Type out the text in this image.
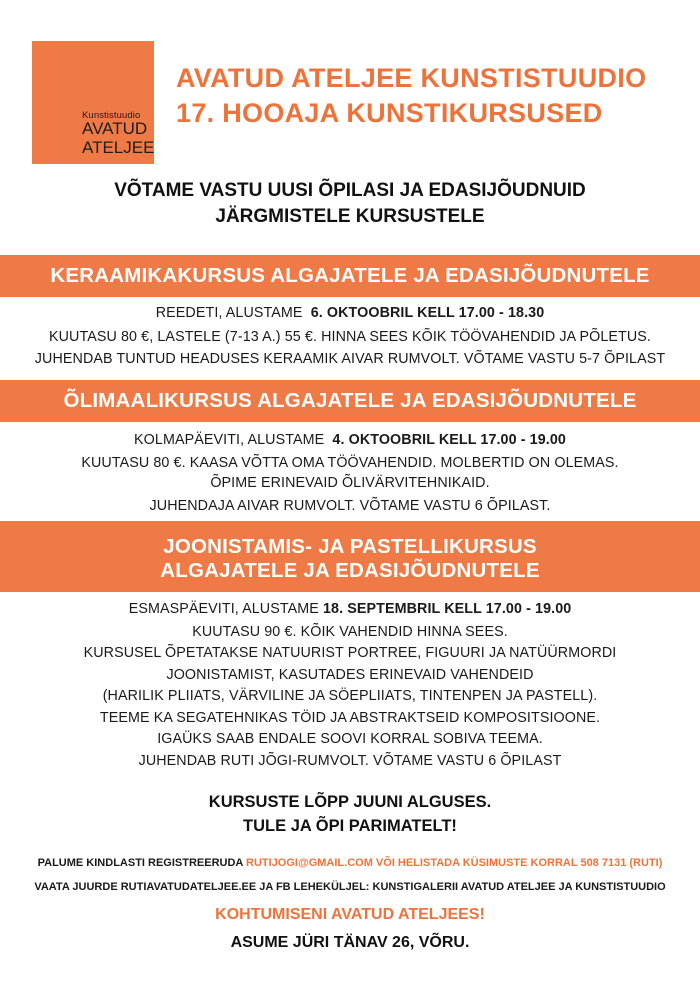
Kunstistuudio
AVATUD
ATELJEE
AVATUD ATELJEE KUNSTISTUUDIO
17. HOOAJA KUNSTIKURSUSED
VÕTAME VASTU UUSI ÕPILASI JA EDASIJÕUDNUID
JÄRGMISTELE KURSUSTELE
KERAAMIKAKURSUS ALGAJATELE JA EDASIJÕUDNUTELE
REEDETI, ALUSTAME 6. OKTOOBRIL KELL 17.00 - 18.30
KUUTASU 80 €, LASTELE (7-13 A.) 55 €. HINNA SEES KÕIK TÖÖVAHENDID JA PÕLETUS.
JUHENDAB TUNTUD HEADUSES KERAAMIK AIVAR RUMVOLT. VÕTAME VASTU 5-7 ÕPILAST
ÕLIMAALIKURSUS ALGAJATELE JA EDASIJÕUDNUTELE
KOLMAPÄEVITI, ALUSTAME 4. OKTOOBRIL KELL 17.00 - 19.00
KUUTASU 80 €. KAASA VÕTTA OMA TÖÖVAHENDID. MOLBERTID ON OLEMAS.
ÕPIME ERINEVAID ÕLIVÄRVITEHNIKAID.
JUHENDAJA AIVAR RUMVOLT. VÕTAME VASTU 6 ÕPILAST.
JOONISTAMIS- JA PASTELLIKURSUS
ALGAJATELE JA EDASIJÕUDNUTELE
ESMASPÄEVITI, ALUSTAME 18. SEPTEMBRIL KELL 17.00 - 19.00
KUUTASU 90 €. KÕIK VAHENDID HINNA SEES.
KURSUSEL ÕPETATAKSE NATUURIST PORTREE, FIGUURI JA NATÜÜRMORDI
JOONISTAMIST, KASUTADES ERINEVAID VAHENDEID
(HARILIK PLIIATS, VÄRVILINE JA SÖEPLIIATS, TINTENPEN JA PASTELL).
TEEME KA SEGATEHNIKAS TÖID JA ABSTRAKTSEID KOMPOSITSIOONE.
IGAÜKS SAAB ENDALE SOOVI KORRAL SOBIVA TEEMA.
JUHENDAB RUTI JÕGI-RUMVOLT. VÕTAME VASTU 6 ÕPILAST
KURSUSTE LÕPP JUUNI ALGUSES.
TULE JA ÕPI PARIMATELT!
PALUME KINDLASTI REGISTREERUDA RUTIJOGI@GMAIL.COM VÕI HELISTADA KÜSIMUSTE KORRAL 508 7131 (RUTI)
VAATA JUURDE RUTIAVATUDATELJEE.EE JA FB LEHEKÜLJEL: KUNSTIGALERII AVATUD ATELJEE JA KUNSTISTUUDIO
KOHTUMISENI AVATUD ATELJEES!
ASUME JÜRI TÄNAV 26, VÕRU.
